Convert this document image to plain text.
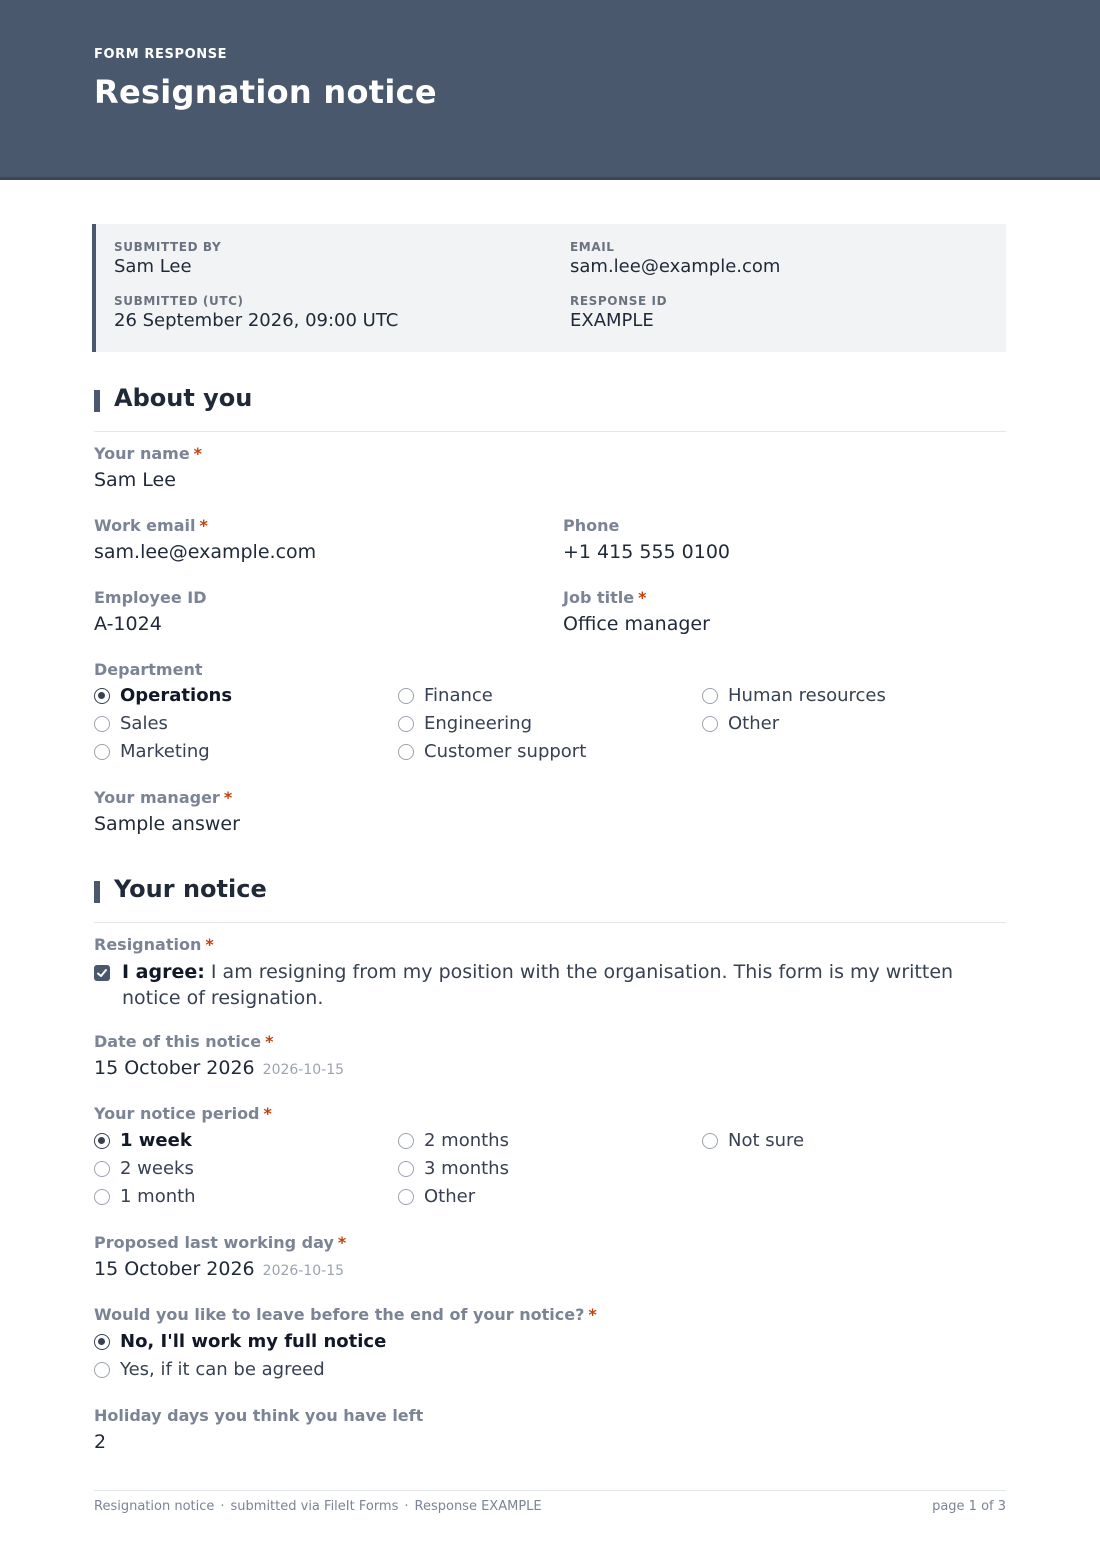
FORM RESPONSE
Resignation notice
SUBMITTED BY
Sam Lee
EMAIL
sam.lee@example.com
SUBMITTED (UTC)
26 September 2026, 09:00 UTC
RESPONSE ID
EXAMPLE
About you
Your name *
Sam Lee
Work email *
sam.lee@example.com
Phone
+1 415 555 0100
Employee ID
A-1024
Job title *
Office manager
Department
Operations
Sales
Marketing
Finance
Engineering
Customer support
Human resources
Other
Your manager *
Sample answer
Your notice
Resignation *
I agree: I am resigning from my position with the organisation. This form is my written notice of resignation.
Date of this notice *
15 October 2026 2026-10-15
Your notice period *
1 week
2 weeks
1 month
2 months
3 months
Other
Not sure
Proposed last working day *
15 October 2026 2026-10-15
Would you like to leave before the end of your notice? *
No, I'll work my full notice
Yes, if it can be agreed
Holiday days you think you have left
2
Resignation notice · submitted via FileIt Forms · Response EXAMPLE	page 1 of 3
